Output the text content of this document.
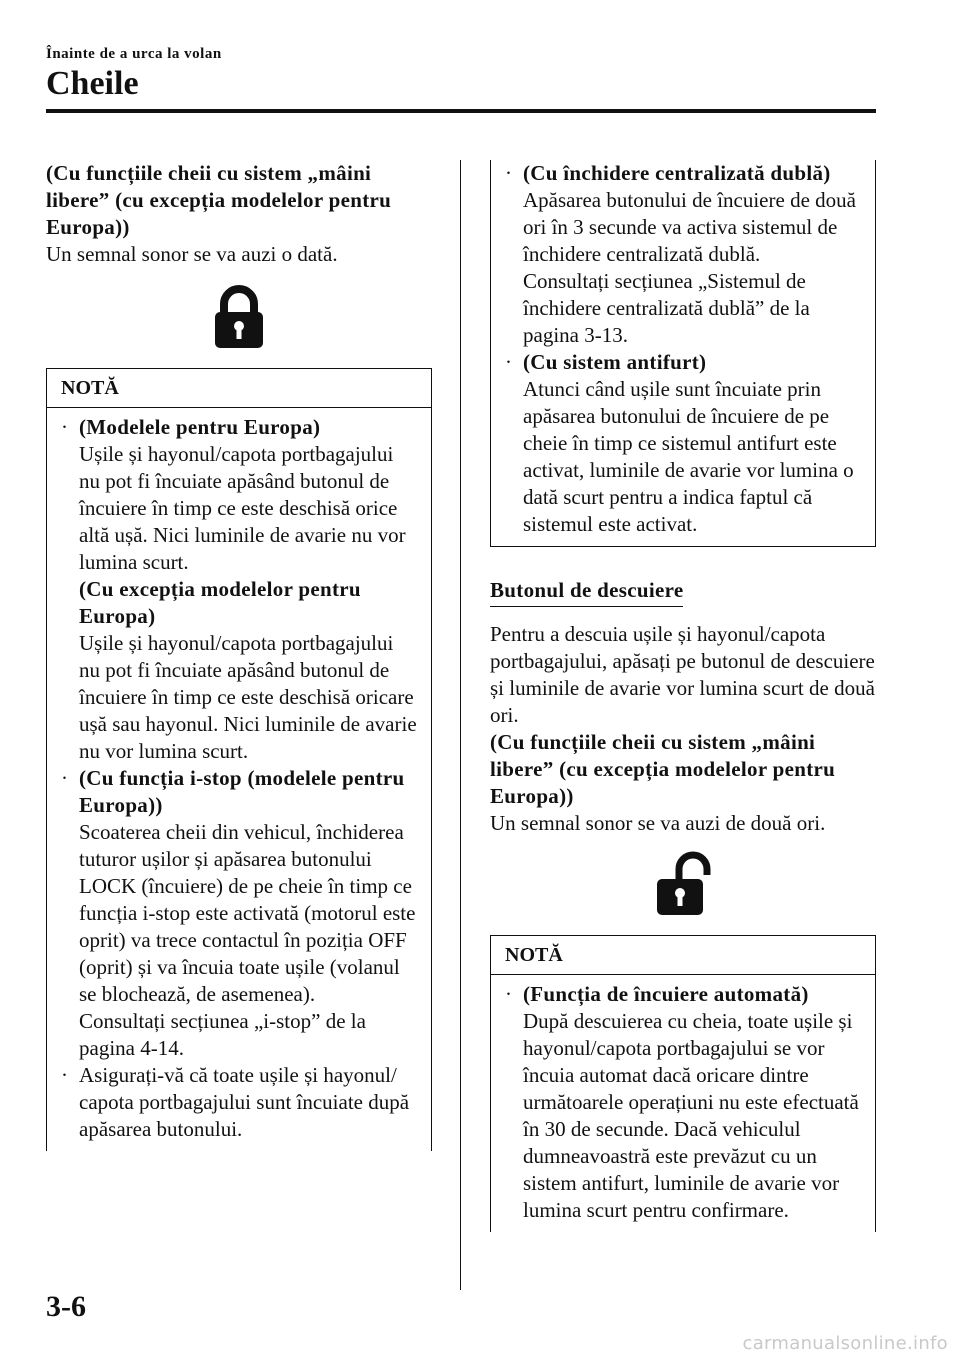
Înainte de a urca la volan
Cheile

(Cu funcțiile cheii cu sistem „mâini libere” (cu excepția modelelor pentru Europa))

Un semnal sonor se va auzi o dată.

NOTĂ
· (Modelele pentru Europa)
Ușile și hayonul/capota portbagajului nu pot fi încuiate apăsând butonul de încuiere în timp ce este deschisă orice altă ușă. Nici luminile de avarie nu vor lumina scurt.
(Cu excepția modelelor pentru Europa)
Ușile și hayonul/capota portbagajului nu pot fi încuiate apăsând butonul de încuiere în timp ce este deschisă oricare ușă sau hayonul. Nici luminile de avarie nu vor lumina scurt.
· (Cu funcția i-stop (modelele pentru Europa))
Scoaterea cheii din vehicul, închiderea tuturor ușilor și apăsarea butonului LOCK (încuiere) de pe cheie în timp ce funcția i-stop este activată (motorul este oprit) va trece contactul în poziția OFF (oprit) și va încuia toate ușile (volanul se blochează, de asemenea).
Consultați secțiunea „i-stop” de la pagina 4-14.
· Asigurați-vă că toate ușile și hayonul/ capota portbagajului sunt încuiate după apăsarea butonului.
· (Cu închidere centralizată dublă)
Apăsarea butonului de încuiere de două ori în 3 secunde va activa sistemul de închidere centralizată dublă.
Consultați secțiunea „Sistemul de închidere centralizată dublă” de la pagina 3-13.
· (Cu sistem antifurt)
Atunci când ușile sunt încuiate prin apăsarea butonului de încuiere de pe cheie în timp ce sistemul antifurt este activat, luminile de avarie vor lumina o dată scurt pentru a indica faptul că sistemul este activat.
Butonul de descuiere

Pentru a descuia ușile și hayonul/capota portbagajului, apăsați pe butonul de descuiere și luminile de avarie vor lumina scurt de două ori.

(Cu funcțiile cheii cu sistem „mâini libere” (cu excepția modelelor pentru Europa))

Un semnal sonor se va auzi de două ori.

NOTĂ
· (Funcția de încuiere automată)
După descuierea cu cheia, toate ușile și hayonul/capota portbagajului se vor încuia automat dacă oricare dintre următoarele operațiuni nu este efectuată în 30 de secunde. Dacă vehiculul dumneavoastră este prevăzut cu un sistem antifurt, luminile de avarie vor lumina scurt pentru confirmare.
3-6
carmanualsonline.info
